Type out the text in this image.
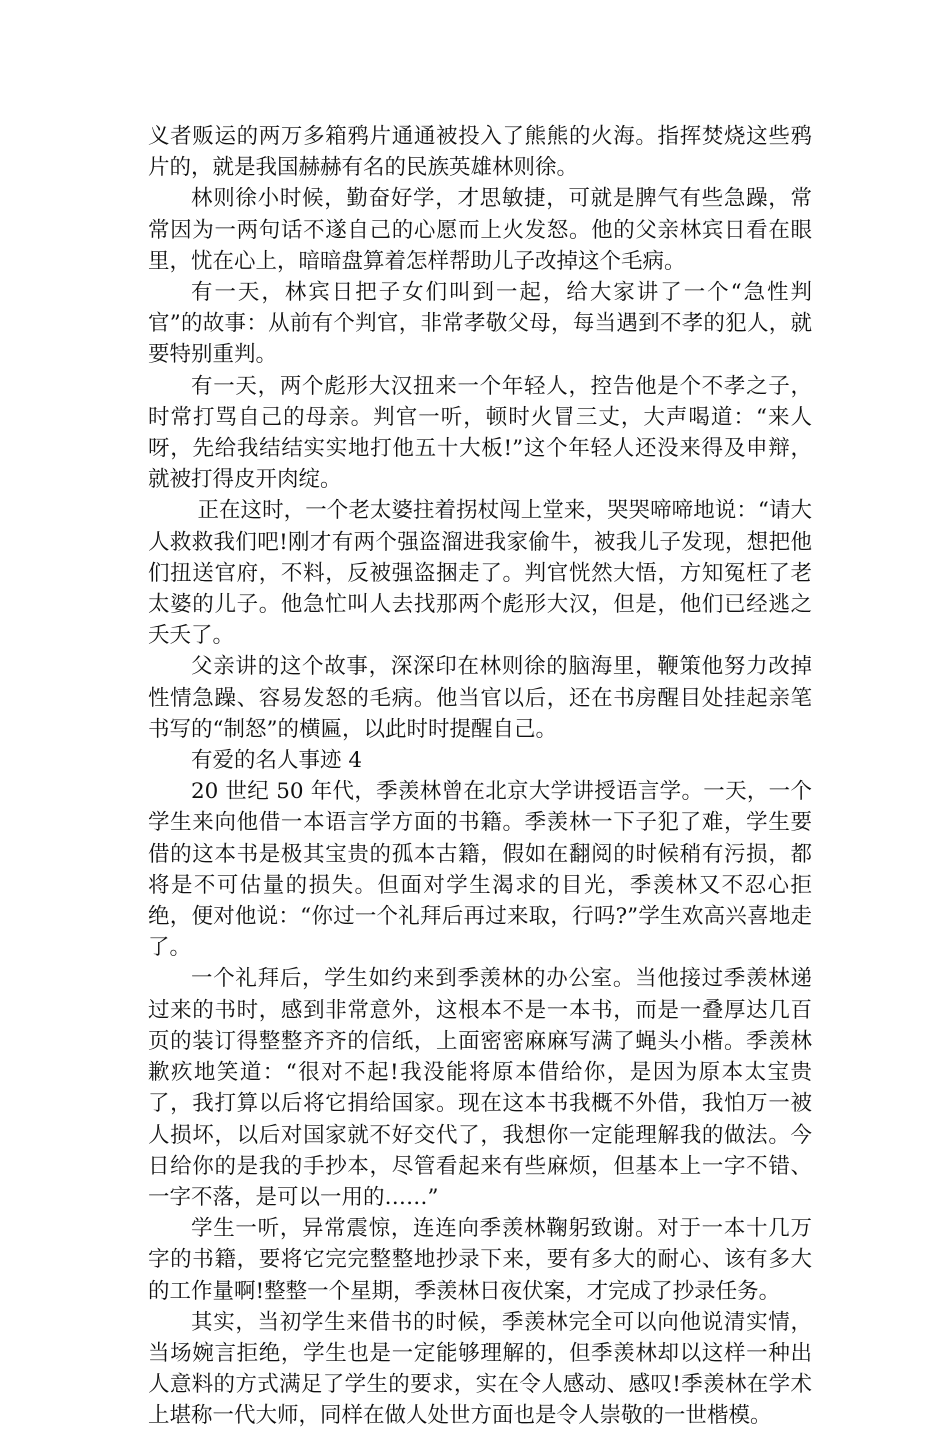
义者贩运的两万多箱鸦片通通被投入了熊熊的火海。指挥焚烧这些鸦片的，就是我国赫赫有名的民族英雄林则徐。

林则徐小时候，勤奋好学，才思敏捷，可就是脾气有些急躁，常常因为一两句话不遂自己的心愿而上火发怒。他的父亲林宾日看在眼里，忧在心上，暗暗盘算着怎样帮助儿子改掉这个毛病。

有一天，林宾日把子女们叫到一起，给大家讲了一个“急性判官”的故事：从前有个判官，非常孝敬父母，每当遇到不孝的犯人，就要特别重判。

有一天，两个彪形大汉扭来一个年轻人，控告他是个不孝之子，时常打骂自己的母亲。判官一听，顿时火冒三丈，大声喝道：“来人呀，先给我结结实实地打他五十大板!”这个年轻人还没来得及申辩，就被打得皮开肉绽。

正在这时，一个老太婆拄着拐杖闯上堂来，哭哭啼啼地说：“请大人救救我们吧!刚才有两个强盗溜进我家偷牛，被我儿子发现，想把他们扭送官府，不料，反被强盗捆走了。判官恍然大悟，方知冤枉了老太婆的儿子。他急忙叫人去找那两个彪形大汉，但是，他们已经逃之夭夭了。

父亲讲的这个故事，深深印在林则徐的脑海里，鞭策他努力改掉性情急躁、容易发怒的毛病。他当官以后，还在书房醒目处挂起亲笔书写的“制怒”的横匾，以此时时提醒自己。

有爱的名人事迹 4

20 世纪 50 年代，季羡林曾在北京大学讲授语言学。一天，一个学生来向他借一本语言学方面的书籍。季羡林一下子犯了难，学生要借的这本书是极其宝贵的孤本古籍，假如在翻阅的时候稍有污损，都将是不可估量的损失。但面对学生渴求的目光，季羡林又不忍心拒绝，便对他说：“你过一个礼拜后再过来取，行吗?”学生欢高兴喜地走了。

一个礼拜后，学生如约来到季羡林的办公室。当他接过季羡林递过来的书时，感到非常意外，这根本不是一本书，而是一叠厚达几百页的装订得整整齐齐的信纸，上面密密麻麻写满了蝇头小楷。季羡林歉疚地笑道：“很对不起!我没能将原本借给你，是因为原本太宝贵了，我打算以后将它捐给国家。现在这本书我概不外借，我怕万一被人损坏，以后对国家就不好交代了，我想你一定能理解我的做法。今日给你的是我的手抄本，尽管看起来有些麻烦，但基本上一字不错、一字不落，是可以一用的……”

学生一听，异常震惊，连连向季羡林鞠躬致谢。对于一本十几万字的书籍，要将它完完整整地抄录下来，要有多大的耐心、该有多大的工作量啊!整整一个星期，季羡林日夜伏案，才完成了抄录任务。

其实，当初学生来借书的时候，季羡林完全可以向他说清实情，当场婉言拒绝，学生也是一定能够理解的，但季羡林却以这样一种出人意料的方式满足了学生的要求，实在令人感动、感叹!季羡林在学术上堪称一代大师，同样在做人处世方面也是令人崇敬的一世楷模。
